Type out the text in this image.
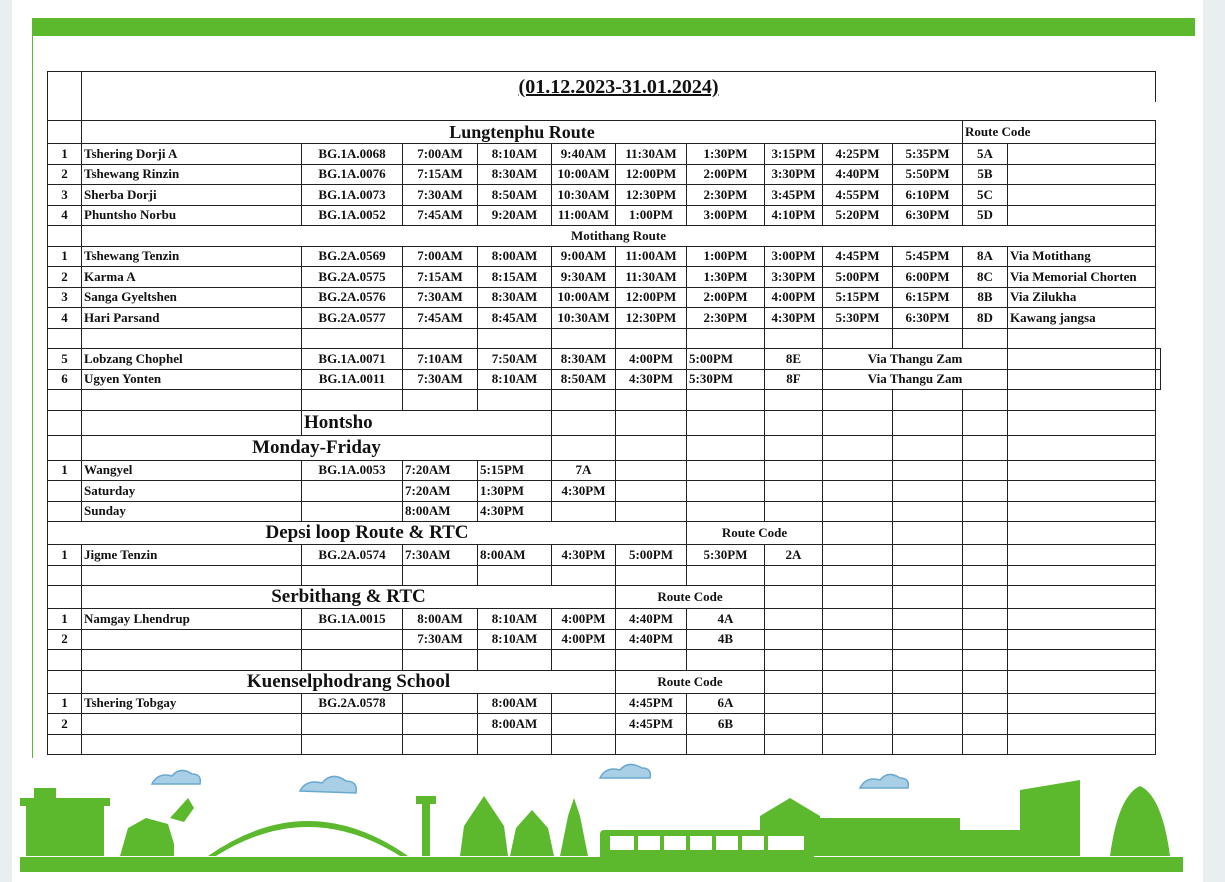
	(01.12.2023-31.01.2024)												

	Lungtenphu Route										Route Code		
1	Tshering Dorji A	BG.1A.0068	7:00AM	8:10AM	9:40AM	11:30AM	1:30PM	3:15PM	4:25PM	5:35PM	5A		
2	Tshewang Rinzin	BG.1A.0076	7:15AM	8:30AM	10:00AM	12:00PM	2:00PM	3:30PM	4:40PM	5:50PM	5B		
3	Sherba Dorji	BG.1A.0073	7:30AM	8:50AM	10:30AM	12:30PM	2:30PM	3:45PM	4:55PM	6:10PM	5C		
4	Phuntsho Norbu	BG.1A.0052	7:45AM	9:20AM	11:00AM	1:00PM	3:00PM	4:10PM	5:20PM	6:30PM	5D		
	Motithang Route												
1	Tshewang Tenzin	BG.2A.0569	7:00AM	8:00AM	9:00AM	11:00AM	1:00PM	3:00PM	4:45PM	5:45PM	8A	Via Motithang	
2	Karma A	BG.2A.0575	7:15AM	8:15AM	9:30AM	11:30AM	1:30PM	3:30PM	5:00PM	6:00PM	8C	Via Memorial Chorten	
3	Sanga Gyeltshen	BG.2A.0576	7:30AM	8:30AM	10:00AM	12:00PM	2:00PM	4:00PM	5:15PM	6:15PM	8B	Via Zilukha	
4	Hari Parsand	BG.2A.0577	7:45AM	8:45AM	10:30AM	12:30PM	2:30PM	4:30PM	5:30PM	6:30PM	8D	Kawang jangsa	

5	Lobzang Chophel	BG.1A.0071	7:10AM	7:50AM	8:30AM	4:00PM	5:00PM	8E	Via Thangu Zam				
6	Ugyen Yonten	BG.1A.0011	7:30AM	8:10AM	8:50AM	4:30PM	5:30PM	8F	Via Thangu Zam				

		Hontsho											
	Monday-Friday												
1	Wangyel	BG.1A.0053	7:20AM	5:15PM	7A								
	Saturday		7:20AM	1:30PM	4:30PM								
	Sunday		8:00AM	4:30PM									
Depsi loop Route & RTC							Route Code						
1	Jigme Tenzin	BG.2A.0574	7:30AM	8:00AM	4:30PM	5:00PM	5:30PM	2A					

	Serbithang & RTC					Route Code							
1	Namgay Lhendrup	BG.1A.0015	8:00AM	8:10AM	4:00PM	4:40PM	4A						
2			7:30AM	8:10AM	4:00PM	4:40PM	4B						

	Kuenselphodrang School					Route Code							
1	Tshering Tobgay	BG.2A.0578		8:00AM		4:45PM	6A						
2				8:00AM		4:45PM	6B						
